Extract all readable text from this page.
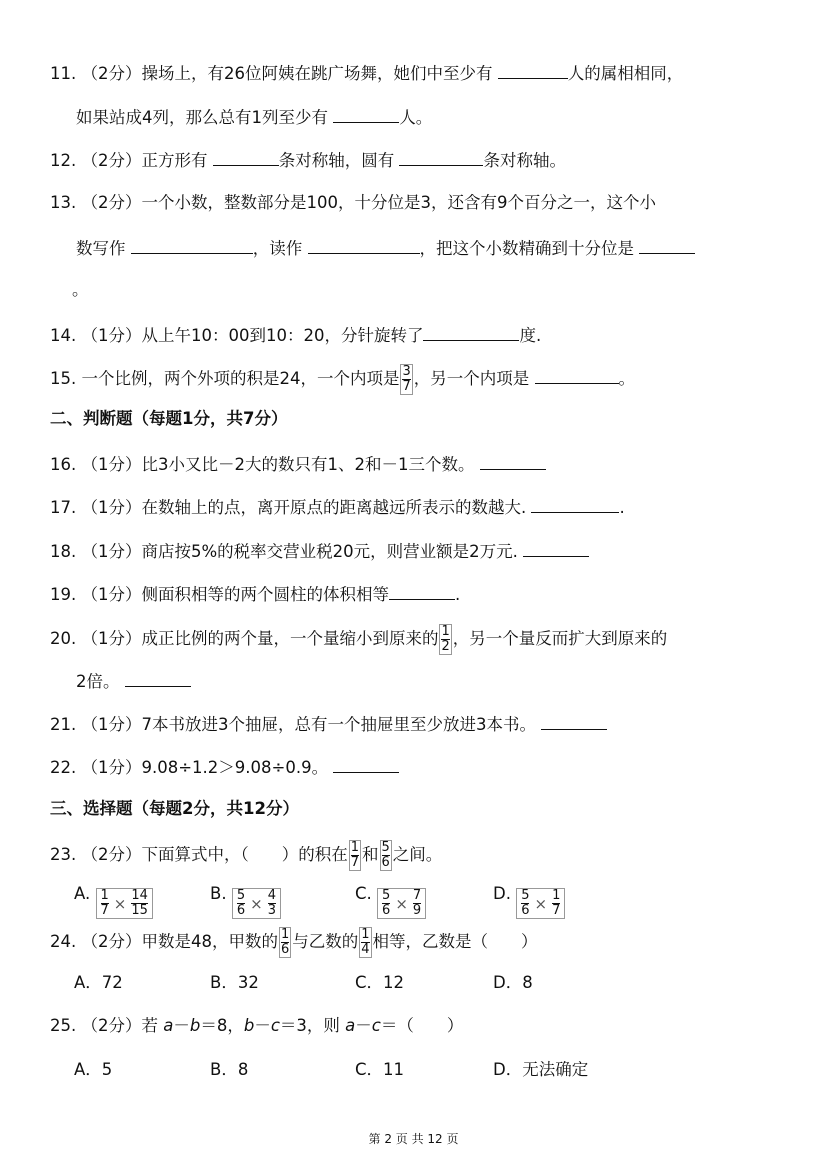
11. （2分）操场上，有26位阿姨在跳广场舞，她们中至少有	人的属相相同，
如果站成4列，那么总有1列至少有	人。
12. （2分）正方形有	条对称轴，圆有	条对称轴。
13. （2分）一个小数，整数部分是100，十分位是3，还含有9个百分之一，这个小
数写作	，读作	，把这个小数精确到十分位是
。
14. （1分）从上午10：00到10：20，分针旋转了	度.
15. 一个比例，两个外项的积是24，一个内项是 $\frac{3}{7}$ ，另一个内项是	。
二、判断题（每题1分，共7分）
16. （1分）比3小又比－2大的数只有1、2和－1三个数。
17. （1分）在数轴上的点，离开原点的距离越远所表示的数越大.	.
18. （1分）商店按5%的税率交营业税20元，则营业额是2万元.
19. （1分）侧面积相等的两个圆柱的体积相等	.
20. （1分）成正比例的两个量，一个量缩小到原来的 $\frac{1}{2}$ ，另一个量反而扩大到原来的
2倍。
21. （1分）7本书放进3个抽屉，总有一个抽屉里至少放进3本书。
22. （1分）9.08÷1.2＞9.08÷0.9。
三、选择题（每题2分，共12分）
23. （2分）下面算式中，（　　）的积在 $\frac{1}{7}$ 和 $\frac{5}{6}$ 之间。
A. $\frac{1}{7} \times \frac{14}{15}$	B. $\frac{5}{6} \times \frac{4}{3}$	C. $\frac{5}{6} \times \frac{7}{9}$	D. $\frac{5}{6} \times \frac{1}{7}$
24. （2分）甲数是48，甲数的 $\frac{1}{6}$ 与乙数的 $\frac{1}{4}$ 相等，乙数是（　　）
A．72	B．32	C．12	D．8
25. （2分）若 a－b＝8，b－c＝3，则 a－c＝（　　）
A．5	B．8	C．11	D．无法确定
第 2 页 共 12 页
